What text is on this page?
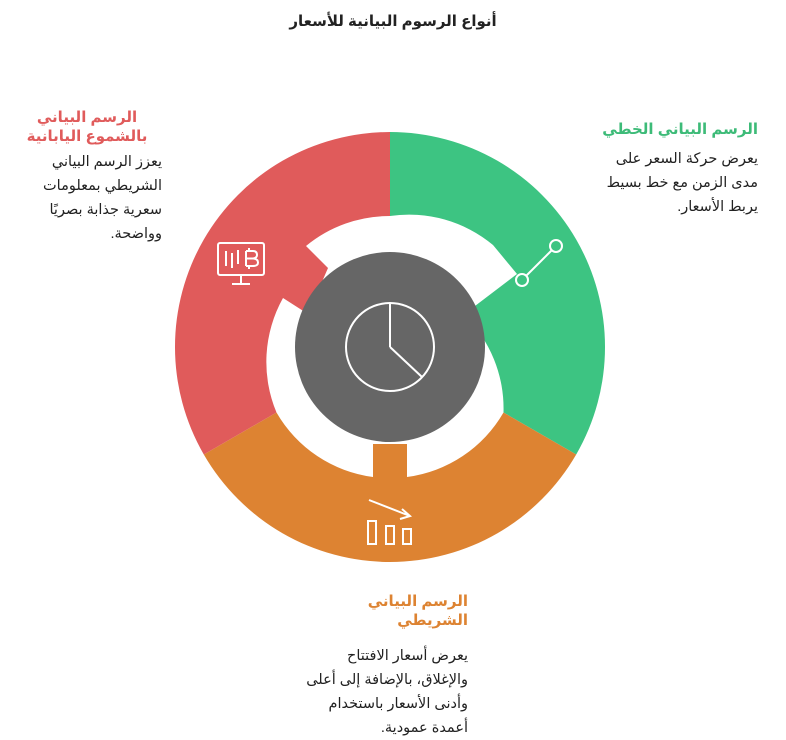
أنواع الرسوم البيانية للأسعار
الرسم البياني الخطي
يعرض حركة السعر على مدى الزمن مع خط بسيط يربط الأسعار.
الرسم البياني بالشموع اليابانية
يعزز الرسم البياني الشريطي بمعلومات سعرية جذابة بصريًا وواضحة.
الرسم البياني الشريطي
يعرض أسعار الافتتاح والإغلاق، بالإضافة إلى أعلى وأدنى الأسعار باستخدام أعمدة عمودية.
